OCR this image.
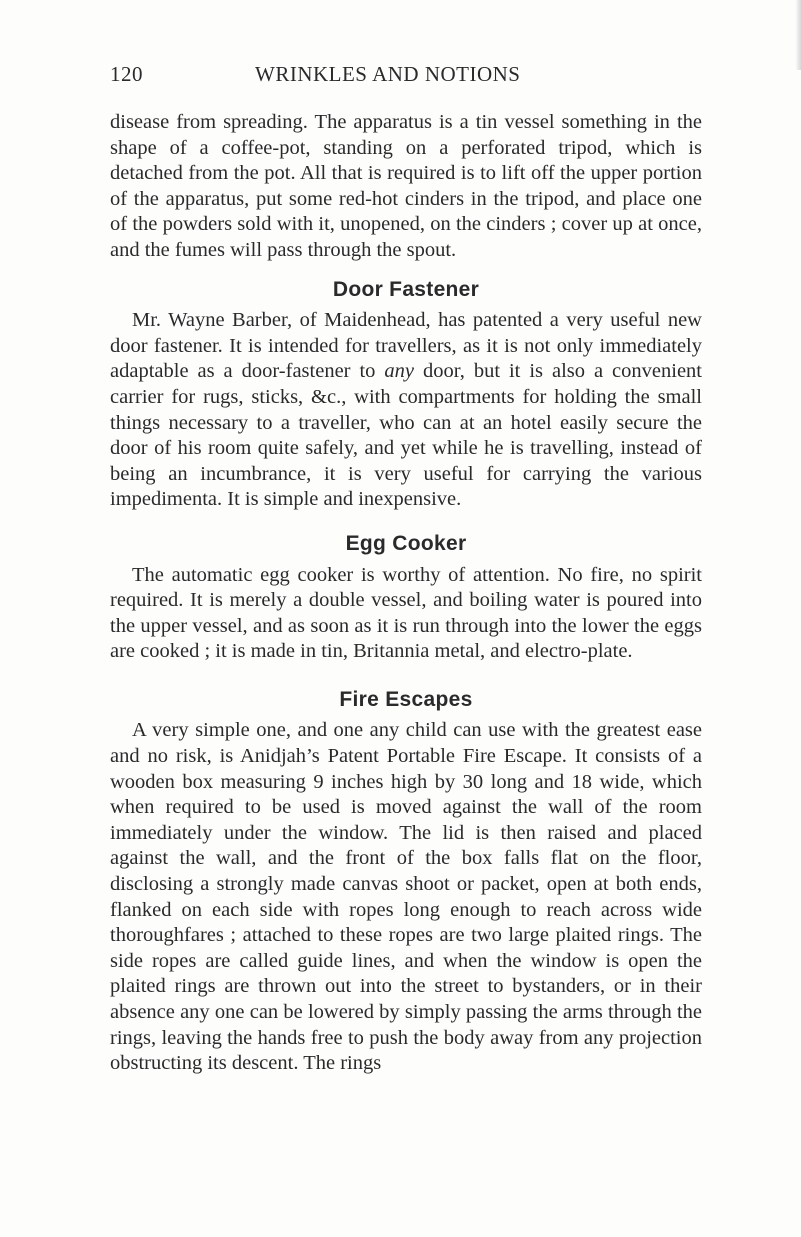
120	WRINKLES AND NOTIONS

disease from spreading. The apparatus is a tin vessel something in the shape of a coffee-pot, standing on a perforated tripod, which is detached from the pot. All that is required is to lift off the upper portion of the apparatus, put some red-hot cinders in the tripod, and place one of the powders sold with it, unopened, on the cinders ; cover up at once, and the fumes will pass through the spout.

Door Fastener

Mr. Wayne Barber, of Maidenhead, has patented a very useful new door fastener. It is intended for travellers, as it is not only immediately adaptable as a door-fastener to any door, but it is also a convenient carrier for rugs, sticks, &c., with compartments for holding the small things necessary to a traveller, who can at an hotel easily secure the door of his room quite safely, and yet while he is travelling, instead of being an incumbrance, it is very useful for carrying the various impedimenta. It is simple and inexpensive.

Egg Cooker

The automatic egg cooker is worthy of attention. No fire, no spirit required. It is merely a double vessel, and boiling water is poured into the upper vessel, and as soon as it is run through into the lower the eggs are cooked ; it is made in tin, Britannia metal, and electro-plate.

Fire Escapes

A very simple one, and one any child can use with the greatest ease and no risk, is Anidjah’s Patent Portable Fire Escape. It consists of a wooden box measuring 9 inches high by 30 long and 18 wide, which when required to be used is moved against the wall of the room immediately under the window. The lid is then raised and placed against the wall, and the front of the box falls flat on the floor, disclosing a strongly made canvas shoot or packet, open at both ends, flanked on each side with ropes long enough to reach across wide thoroughfares ; attached to these ropes are two large plaited rings. The side ropes are called guide lines, and when the window is open the plaited rings are thrown out into the street to bystanders, or in their absence any one can be lowered by simply passing the arms through the rings, leaving the hands free to push the body away from any projection obstructing its descent. The rings
